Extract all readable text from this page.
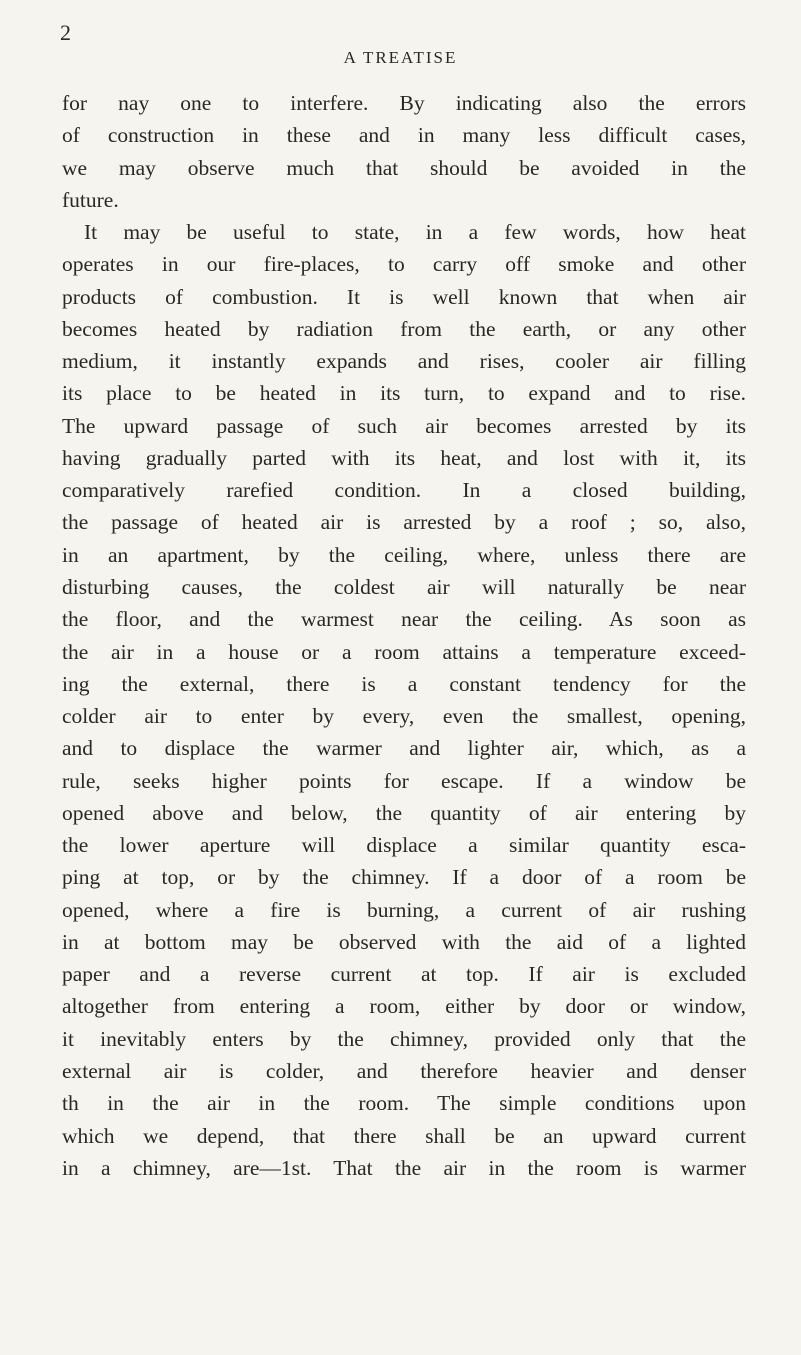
2
A TREATISE
for nay one to interfere. By indicating also the errors
of construction in these and in many less difficult cases,
we may observe much that should be avoided in the
future.
It may be useful to state, in a few words, how heat
operates in our fire-places, to carry off smoke and other
products of combustion. It is well known that when air
becomes heated by radiation from the earth, or any other
medium, it instantly expands and rises, cooler air filling
its place to be heated in its turn, to expand and to rise.
The upward passage of such air becomes arrested by its
having gradually parted with its heat, and lost with it, its
comparatively rarefied condition. In a closed building,
the passage of heated air is arrested by a roof ; so, also,
in an apartment, by the ceiling, where, unless there are
disturbing causes, the coldest air will naturally be near
the floor, and the warmest near the ceiling. As soon as
the air in a house or a room attains a temperature exceed-
ing the external, there is a constant tendency for the
colder air to enter by every, even the smallest, opening,
and to displace the warmer and lighter air, which, as a
rule, seeks higher points for escape. If a window be
opened above and below, the quantity of air entering by
the lower aperture will displace a similar quantity esca-
ping at top, or by the chimney. If a door of a room be
opened, where a fire is burning, a current of air rushing
in at bottom may be observed with the aid of a lighted
paper and a reverse current at top. If air is excluded
altogether from entering a room, either by door or window,
it inevitably enters by the chimney, provided only that the
external air is colder, and therefore heavier and denser
th in the air in the room. The simple conditions upon
which we depend, that there shall be an upward current
in a chimney, are—1st. That the air in the room is warmer
